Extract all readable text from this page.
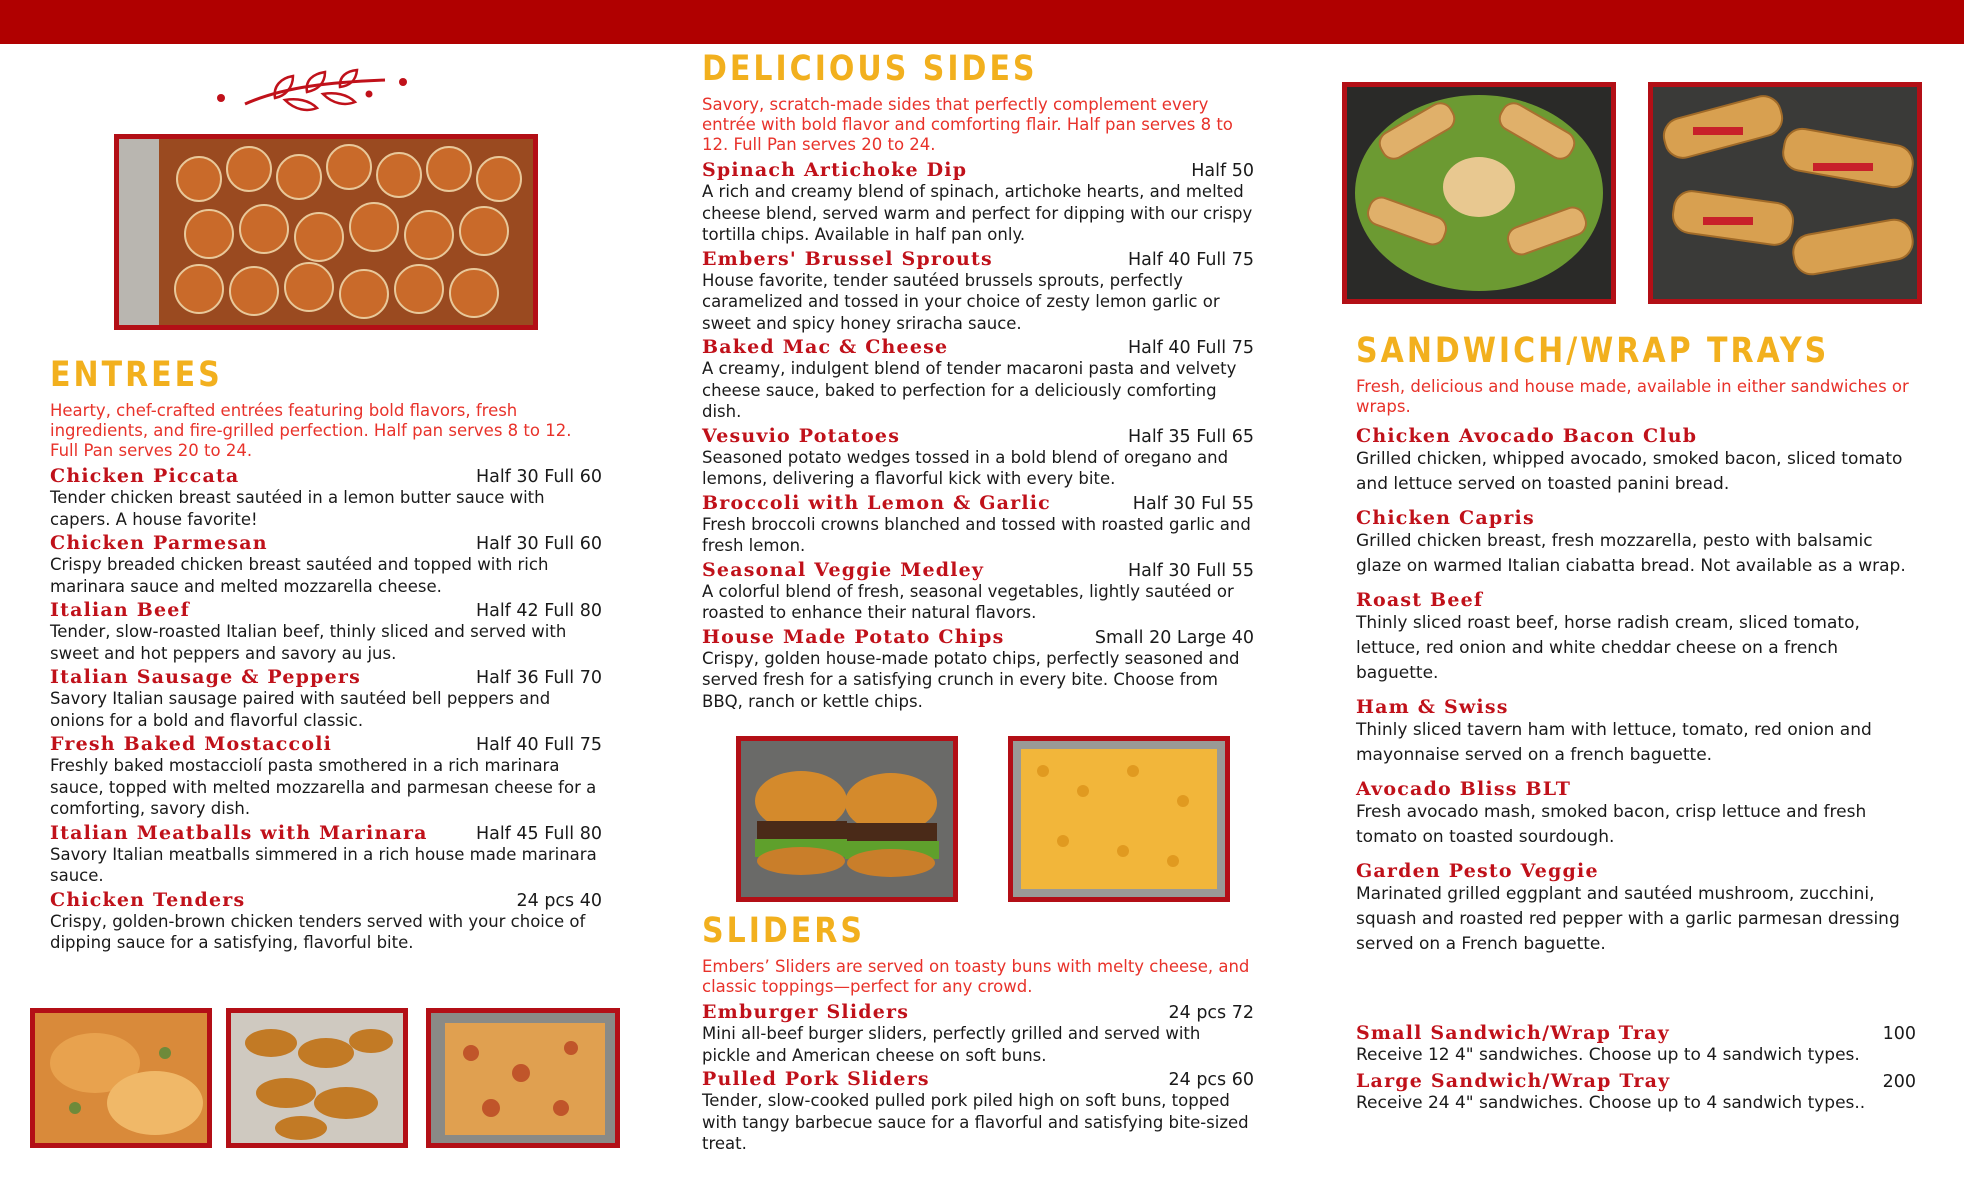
ENTREES
Hearty, chef-crafted entrées featuring bold flavors, fresh ingredients, and fire-grilled perfection. Half pan serves 8 to 12. Full Pan serves 20 to 24.
Chicken Piccata	Half 30 Full 60
Tender chicken breast sautéed in a lemon butter sauce with capers. A house favorite!
Chicken Parmesan	Half 30 Full 60
Crispy breaded chicken breast sautéed and topped with rich marinara sauce and melted mozzarella cheese.
Italian Beef	Half 42 Full 80
Tender, slow-roasted Italian beef, thinly sliced and served with sweet and hot peppers and savory au jus.
Italian Sausage & Peppers	Half 36 Full 70
Savory Italian sausage paired with sautéed bell peppers and onions for a bold and flavorful classic.
Fresh Baked Mostaccoli	Half 40 Full 75
Freshly baked mostacciolí pasta smothered in a rich marinara sauce, topped with melted mozzarella and parmesan cheese for a comforting, savory dish.
Italian Meatballs with Marinara	Half 45 Full 80
Savory Italian meatballs simmered in a rich house made marinara sauce.
Chicken Tenders	24 pcs 40
Crispy, golden-brown chicken tenders served with your choice of dipping sauce for a satisfying, flavorful bite.
DELICIOUS SIDES
Savory, scratch-made sides that perfectly complement every entrée with bold flavor and comforting flair. Half pan serves 8 to 12. Full Pan serves 20 to 24.
Spinach Artichoke Dip	Half 50
A rich and creamy blend of spinach, artichoke hearts, and melted cheese blend, served warm and perfect for dipping with our crispy tortilla chips. Available in half pan only.
Embers' Brussel Sprouts	Half 40 Full 75
House favorite, tender sautéed brussels sprouts, perfectly caramelized and tossed in your choice of zesty lemon garlic or sweet and spicy honey sriracha sauce.
Baked Mac & Cheese	Half 40 Full 75
A creamy, indulgent blend of tender macaroni pasta and velvety cheese sauce, baked to perfection for a deliciously comforting dish.
Vesuvio Potatoes	Half 35 Full 65
Seasoned potato wedges tossed in a bold blend of oregano and lemons, delivering a flavorful kick with every bite.
Broccoli with Lemon & Garlic	Half 30 Ful 55
Fresh broccoli crowns blanched and tossed with roasted garlic and fresh lemon.
Seasonal Veggie Medley	Half 30 Full 55
A colorful blend of fresh, seasonal vegetables, lightly sautéed or roasted to enhance their natural flavors.
House Made Potato Chips	Small 20 Large 40
Crispy, golden house-made potato chips, perfectly seasoned and served fresh for a satisfying crunch in every bite. Choose from BBQ, ranch or kettle chips.
SLIDERS
Embers’ Sliders are served on toasty buns with melty cheese, and classic toppings—perfect for any crowd.
Emburger Sliders	24 pcs 72
Mini all-beef burger sliders, perfectly grilled and served with pickle and American cheese on soft buns.
Pulled Pork Sliders	24 pcs 60
Tender, slow-cooked pulled pork piled high on soft buns, topped with tangy barbecue sauce for a flavorful and satisfying bite-sized treat.
SANDWICH/WRAP TRAYS
Fresh, delicious and house made, available in either sandwiches or wraps.
Chicken Avocado Bacon Club
Grilled chicken, whipped avocado, smoked bacon, sliced tomato and lettuce served on toasted panini bread.
Chicken Capris
Grilled chicken breast, fresh mozzarella, pesto with balsamic glaze on warmed Italian ciabatta bread. Not available as a wrap.
Roast Beef
Thinly sliced roast beef, horse radish cream, sliced tomato, lettuce, red onion and white cheddar cheese on a french baguette.
Ham & Swiss
Thinly sliced tavern ham with lettuce, tomato, red onion and mayonnaise served on a french baguette.
Avocado Bliss BLT
Fresh avocado mash, smoked bacon, crisp lettuce and fresh tomato on toasted sourdough.
Garden Pesto Veggie
Marinated grilled eggplant and sautéed mushroom, zucchini, squash and roasted red pepper with a garlic parmesan dressing served on a French baguette.
Small Sandwich/Wrap Tray	100
Receive 12 4" sandwiches. Choose up to 4 sandwich types.
Large Sandwich/Wrap Tray	200
Receive 24 4" sandwiches. Choose up to 4 sandwich types..
